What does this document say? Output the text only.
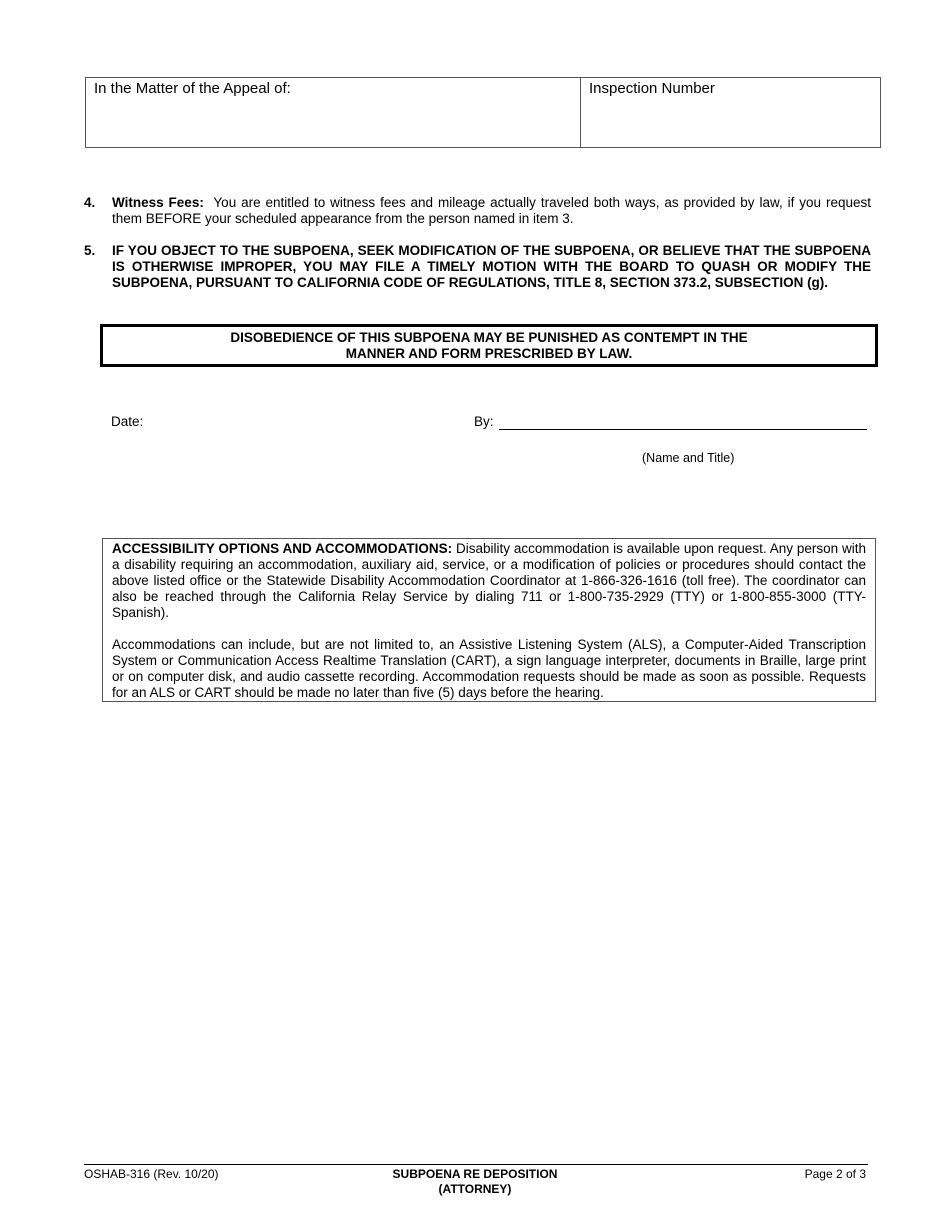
In the Matter of the Appeal of:	Inspection Number
4. Witness Fees: You are entitled to witness fees and mileage actually traveled both ways, as provided by law, if you request them BEFORE your scheduled appearance from the person named in item 3.
5. IF YOU OBJECT TO THE SUBPOENA, SEEK MODIFICATION OF THE SUBPOENA, OR BELIEVE THAT THE SUBPOENA IS OTHERWISE IMPROPER, YOU MAY FILE A TIMELY MOTION WITH THE BOARD TO QUASH OR MODIFY THE SUBPOENA, PURSUANT TO CALIFORNIA CODE OF REGULATIONS, TITLE 8, SECTION 373.2, SUBSECTION (g).
DISOBEDIENCE OF THIS SUBPOENA MAY BE PUNISHED AS CONTEMPT IN THE
MANNER AND FORM PRESCRIBED BY LAW.
Date:	By:
(Name and Title)

ACCESSIBILITY OPTIONS AND ACCOMMODATIONS: Disability accommodation is available upon request. Any person with a disability requiring an accommodation, auxiliary aid, service, or a modification of policies or procedures should contact the above listed office or the Statewide Disability Accommodation Coordinator at 1-866-326-1616 (toll free). The coordinator can also be reached through the California Relay Service by dialing 711 or 1-800-735-2929 (TTY) or 1-800-855-3000 (TTY-Spanish).

Accommodations can include, but are not limited to, an Assistive Listening System (ALS), a Computer-Aided Transcription System or Communication Access Realtime Translation (CART), a sign language interpreter, documents in Braille, large print or on computer disk, and audio cassette recording. Accommodation requests should be made as soon as possible. Requests for an ALS or CART should be made no later than five (5) days before the hearing.

OSHAB-316 (Rev. 10/20)	SUBPOENA RE DEPOSITION
(ATTORNEY)
Page 2 of 3
